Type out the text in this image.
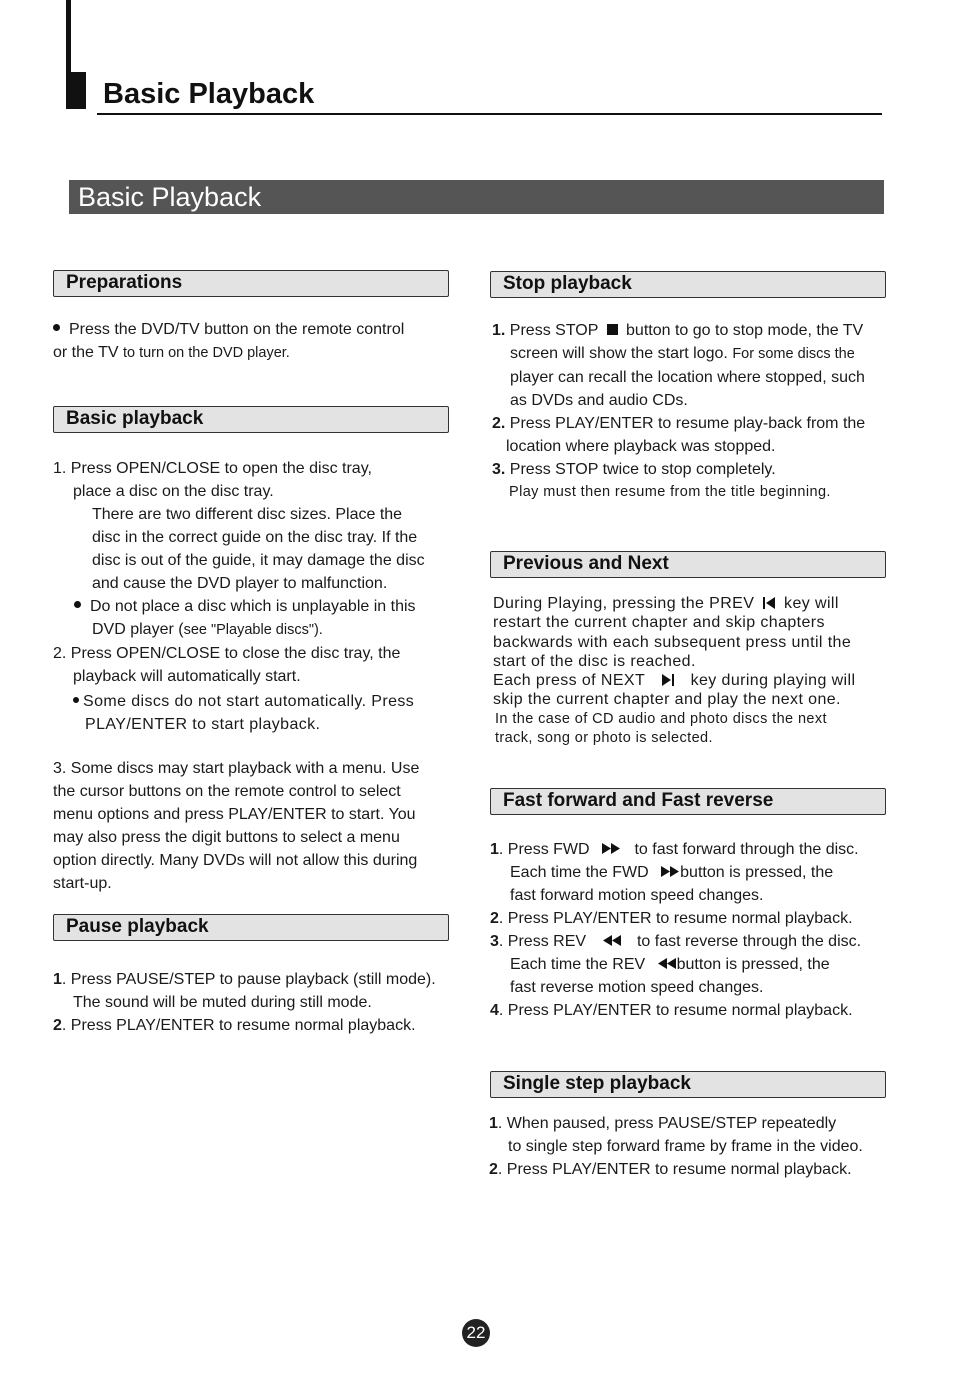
Basic Playback
Basic Playback
Preparations
Press the DVD/TV button on the remote control
or the TV to turn on the DVD player.
Basic playback
1. Press OPEN/CLOSE to open the disc tray,
place a disc on the disc tray.
There are two different disc sizes. Place the
disc in the correct guide on the disc tray. If the
disc is out of the guide, it may damage the disc
and cause the DVD player to malfunction.
Do not place a disc which is unplayable in this
DVD player (see "Playable discs").
2. Press OPEN/CLOSE to close the disc tray, the
playback will automatically start.
Some discs do not start automatically. Press
PLAY/ENTER to start playback.
3. Some discs may start playback with a menu. Use
the cursor buttons on the remote control to select
menu options and press PLAY/ENTER to start. You
may also press the digit buttons to select a menu
option directly. Many DVDs will not allow this during
start-up.
Pause playback
1. Press PAUSE/STEP to pause playback (still mode).
The sound will be muted during still mode.
2. Press PLAY/ENTER to resume normal playback.
Stop playback
1. Press STOP button to go to stop mode, the TV
screen will show the start logo. For some discs the
player can recall the location where stopped, such
as DVDs and audio CDs.
2. Press PLAY/ENTER to resume play-back from the
location where playback was stopped.
3. Press STOP twice to stop completely.
Play must then resume from the title beginning.
Previous and Next
During Playing, pressing the PREV key will
restart the current chapter and skip chapters
backwards with each subsequent press until the
start of the disc is reached.
Each press of NEXT	key during playing will
skip the current chapter and play the next one.
In the case of CD audio and photo discs the next
track, song or photo is selected.
Fast forward and Fast reverse
1. Press FWD	to fast forward through the disc.
Each time the FWD button is pressed, the
fast forward motion speed changes.
2. Press PLAY/ENTER to resume normal playback.
3. Press REV	to fast reverse through the disc.
Each time the REV button is pressed, the
fast reverse motion speed changes.
4. Press PLAY/ENTER to resume normal playback.
Single step playback
1. When paused, press PAUSE/STEP repeatedly
to single step forward frame by frame in the video.
2. Press PLAY/ENTER to resume normal playback.
22
